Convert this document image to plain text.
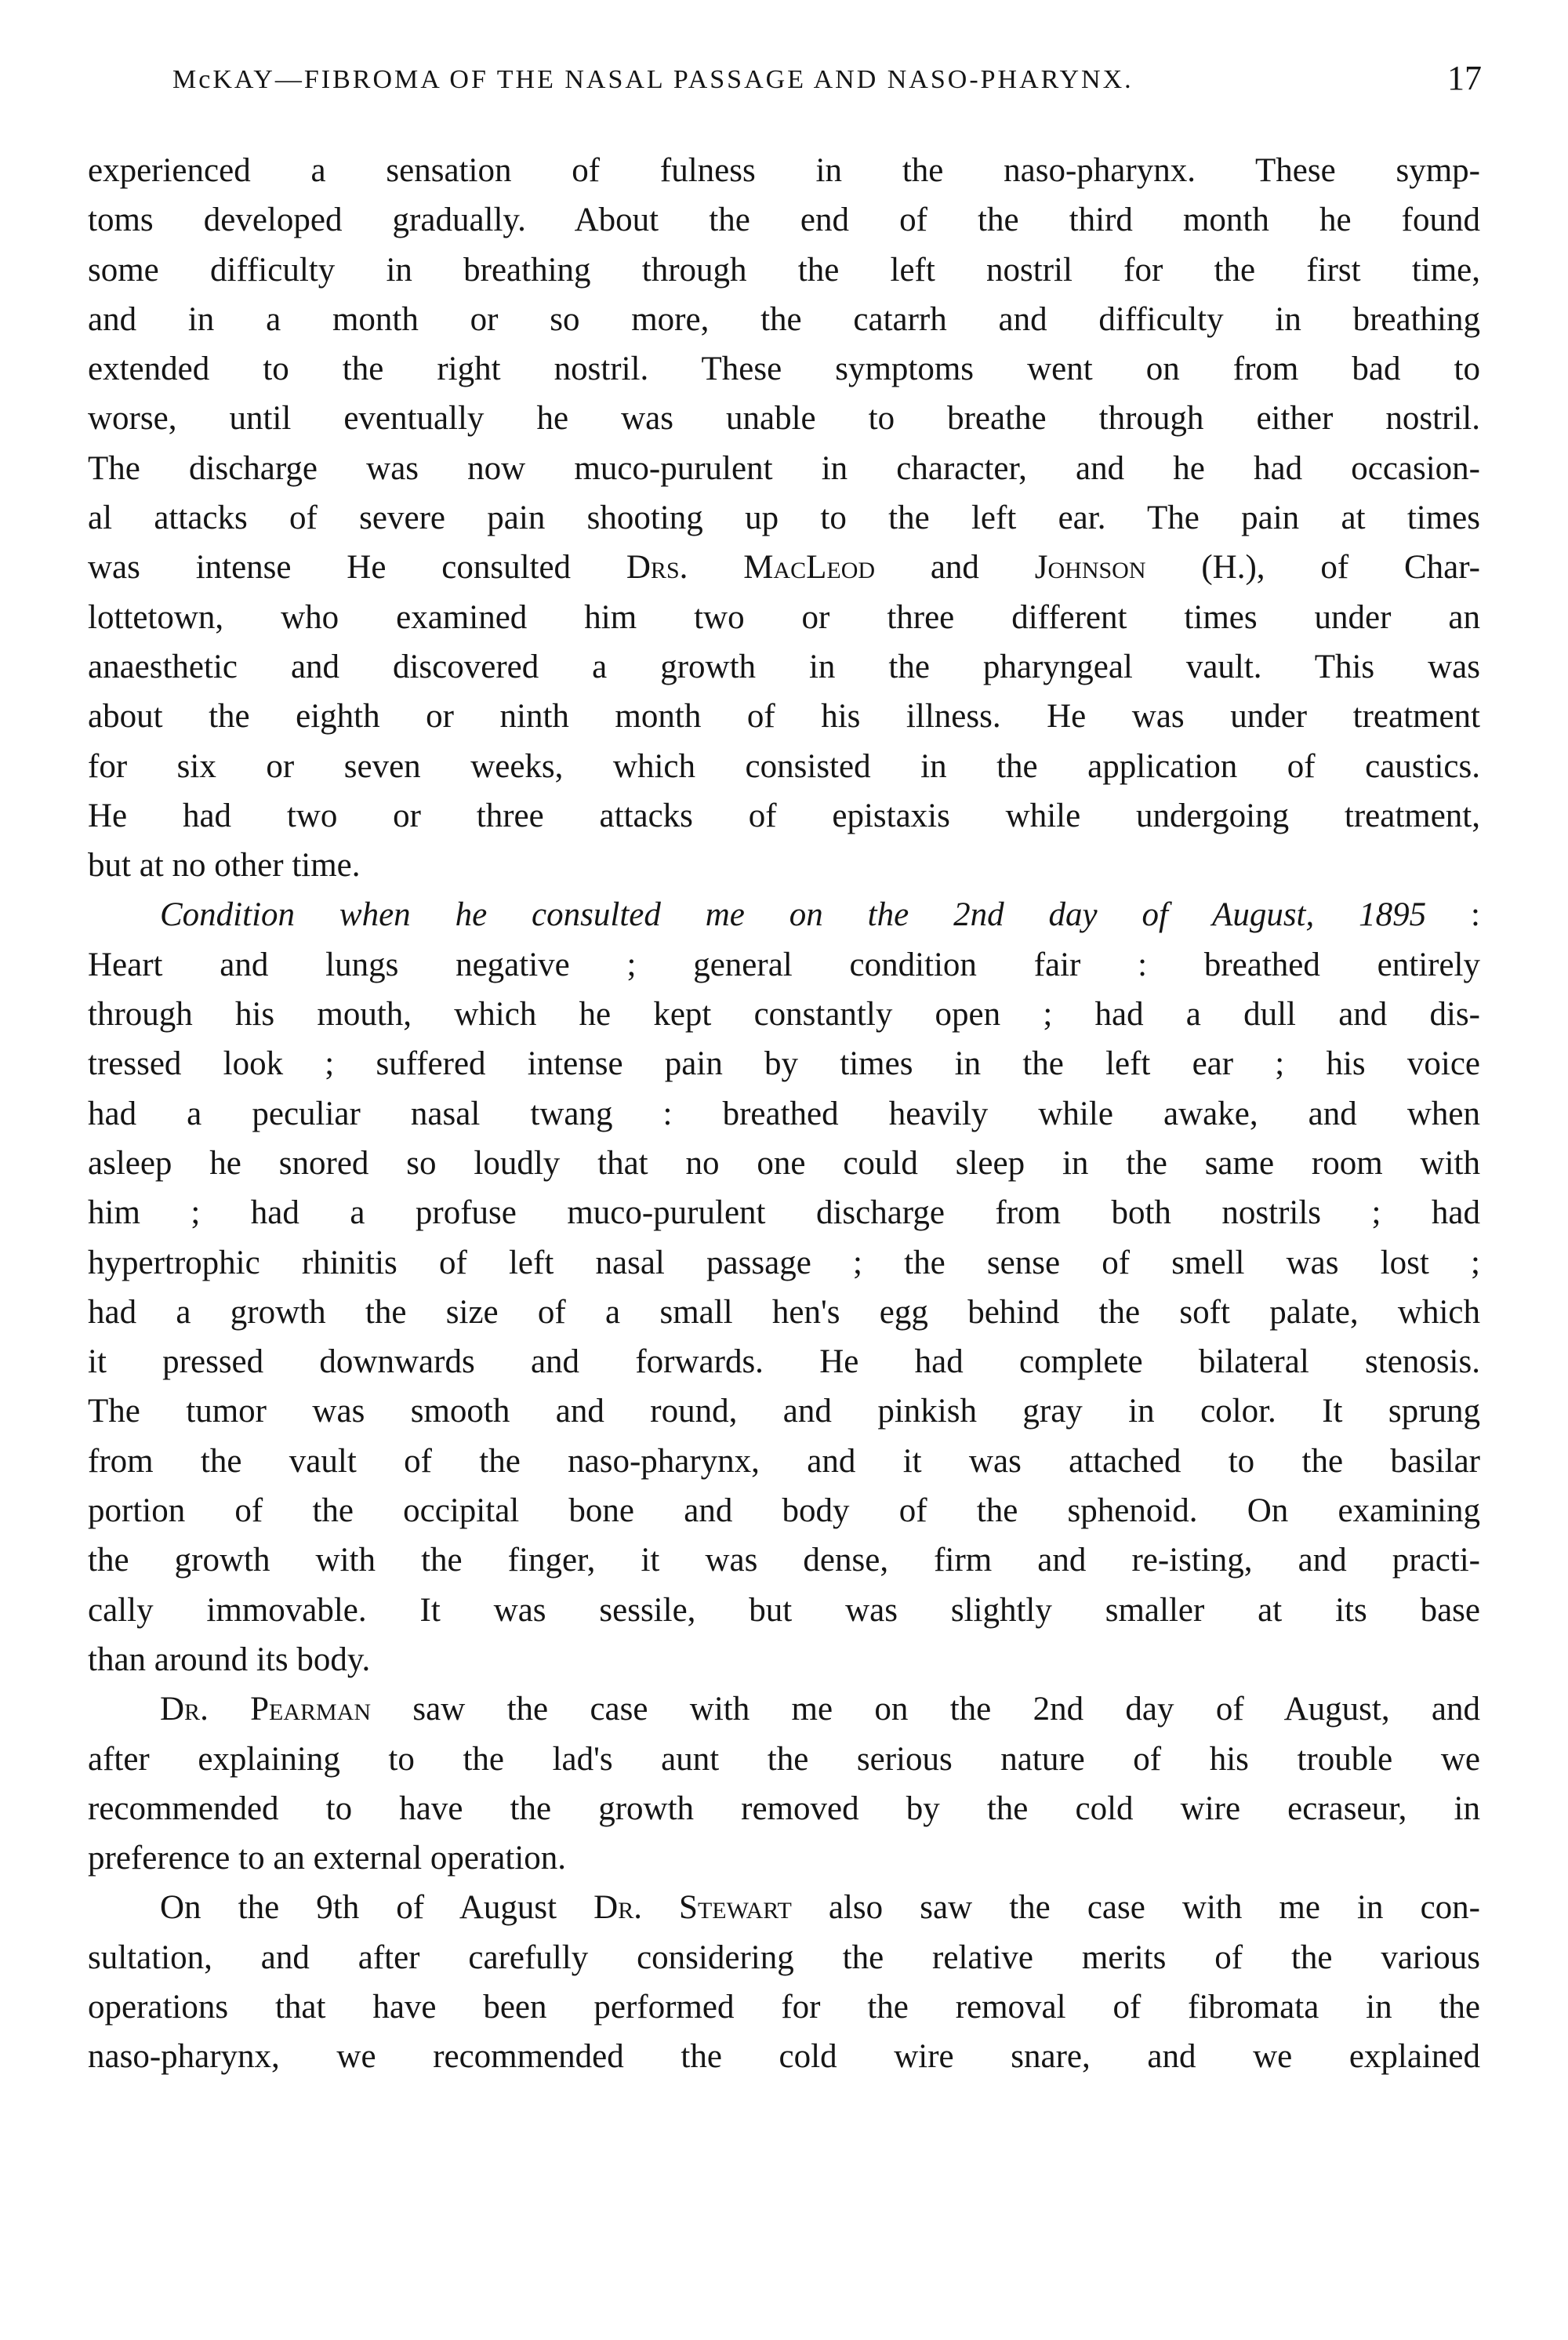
McKAY—FIBROMA OF THE NASAL PASSAGE AND NASO-PHARYNX.	17

experienced a sensation of fulness in the naso-pharynx. These symp-
toms developed gradually. About the end of the third month he found
some difficulty in breathing through the left nostril for the first time,
and in a month or so more, the catarrh and difficulty in breathing
extended to the right nostril. These symptoms went on from bad to
worse, until eventually he was unable to breathe through either nostril.
The discharge was now muco-purulent in character, and he had occasion-
al attacks of severe pain shooting up to the left ear. The pain at times
was intense He consulted Drs. MacLeod and Johnson (H.), of Char-
lottetown, who examined him two or three different times under an
anaesthetic and discovered a growth in the pharyngeal vault. This was
about the eighth or ninth month of his illness. He was under treatment
for six or seven weeks, which consisted in the application of caustics.
He had two or three attacks of epistaxis while undergoing treatment,
but at no other time.

Condition when he consulted me on the 2nd day of August, 1895 :
Heart and lungs negative ; general condition fair : breathed entirely
through his mouth, which he kept constantly open ; had a dull and dis-
tressed look ; suffered intense pain by times in the left ear ; his voice
had a peculiar nasal twang : breathed heavily while awake, and when
asleep he snored so loudly that no one could sleep in the same room with
him ; had a profuse muco-purulent discharge from both nostrils ; had
hypertrophic rhinitis of left nasal passage ; the sense of smell was lost ;
had a growth the size of a small hen's egg behind the soft palate, which
it pressed downwards and forwards. He had complete bilateral stenosis.
The tumor was smooth and round, and pinkish gray in color. It sprung
from the vault of the naso-pharynx, and it was attached to the basilar
portion of the occipital bone and body of the sphenoid. On examining
the growth with the finger, it was dense, firm and re-isting, and practi-
cally immovable. It was sessile, but was slightly smaller at its base
than around its body.

Dr. Pearman saw the case with me on the 2nd day of August, and
after explaining to the lad's aunt the serious nature of his trouble we
recommended to have the growth removed by the cold wire ecraseur, in
preference to an external operation.

On the 9th of August Dr. Stewart also saw the case with me in con-
sultation, and after carefully considering the relative merits of the various
operations that have been performed for the removal of fibromata in the
naso-pharynx, we recommended the cold wire snare, and we explained
